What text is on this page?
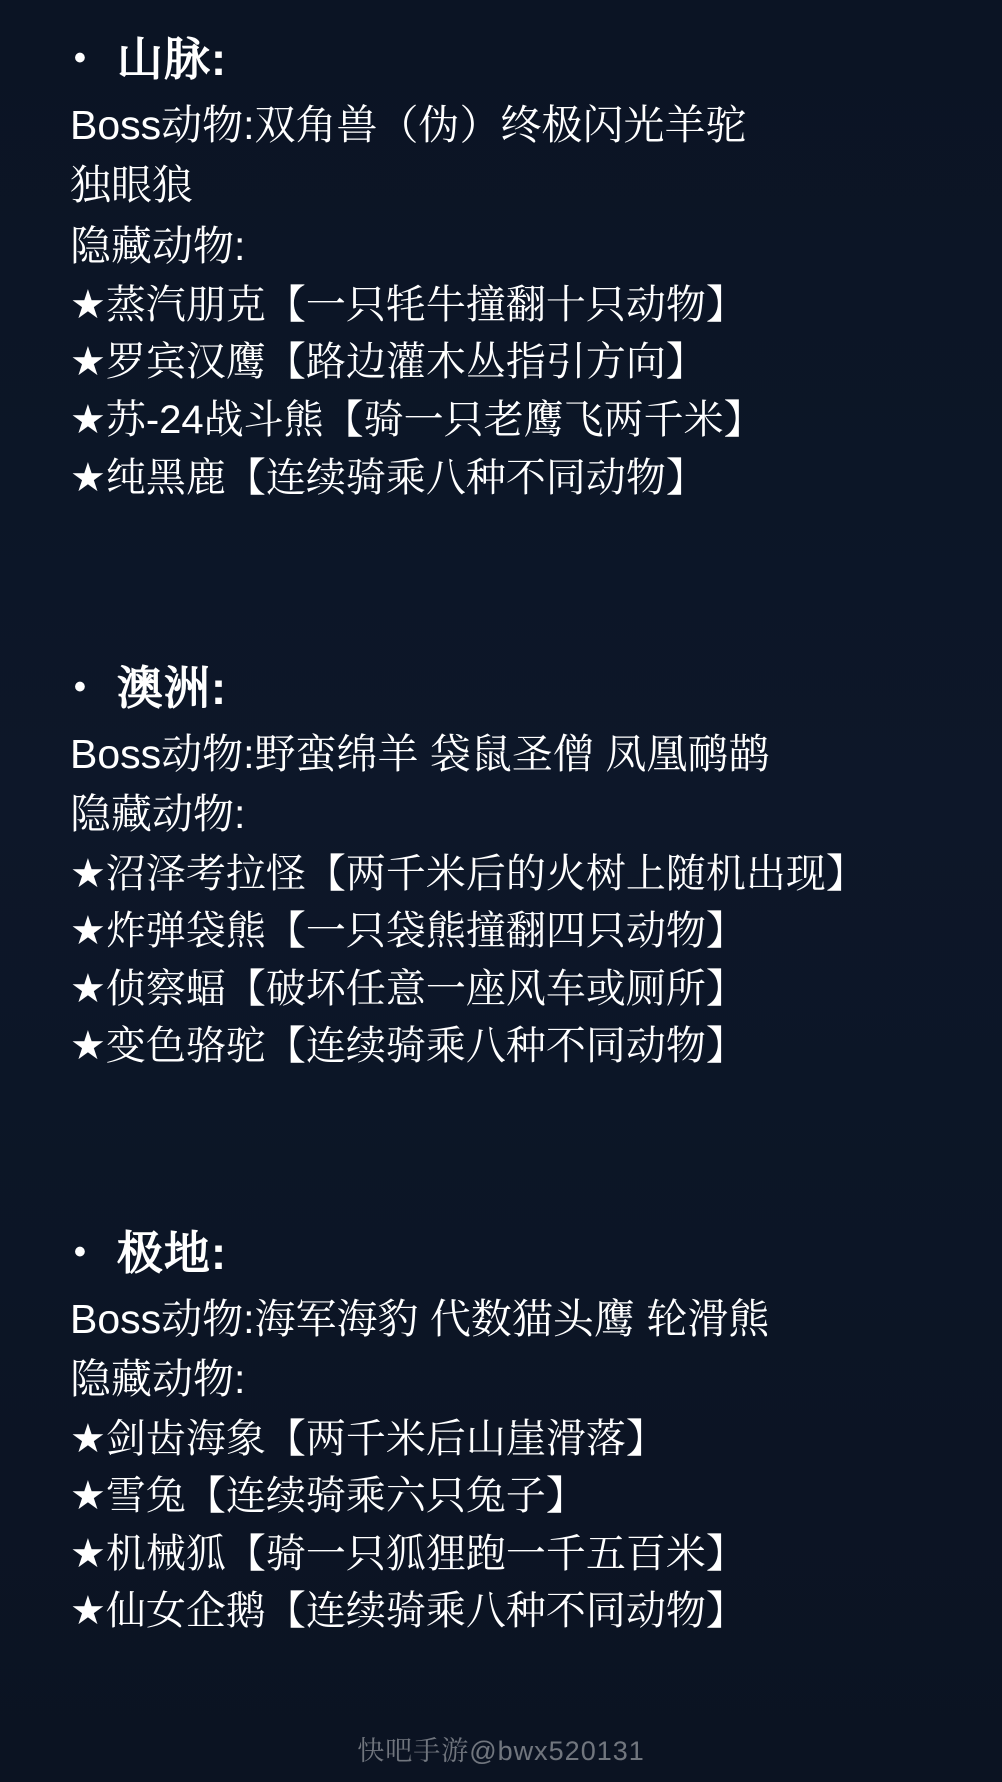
• 山脉:

Boss动物:双角兽（伪）终极闪光羊驼

独眼狼

隐藏动物:

★蒸汽朋克【一只牦牛撞翻十只动物】

★罗宾汉鹰【路边灌木丛指引方向】

★苏-24战斗熊【骑一只老鹰飞两千米】

★纯黑鹿【连续骑乘八种不同动物】

• 澳洲:

Boss动物:野蛮绵羊 袋鼠圣僧 凤凰鸸鹋

隐藏动物:

★沼泽考拉怪【两千米后的火树上随机出现】

★炸弹袋熊【一只袋熊撞翻四只动物】

★侦察蝠【破坏任意一座风车或厕所】

★变色骆驼【连续骑乘八种不同动物】

• 极地:

Boss动物:海军海豹 代数猫头鹰 轮滑熊

隐藏动物:

★剑齿海象【两千米后山崖滑落】

★雪兔【连续骑乘六只兔子】

★机械狐【骑一只狐狸跑一千五百米】

★仙女企鹅【连续骑乘八种不同动物】

快吧手游@bwx520131
